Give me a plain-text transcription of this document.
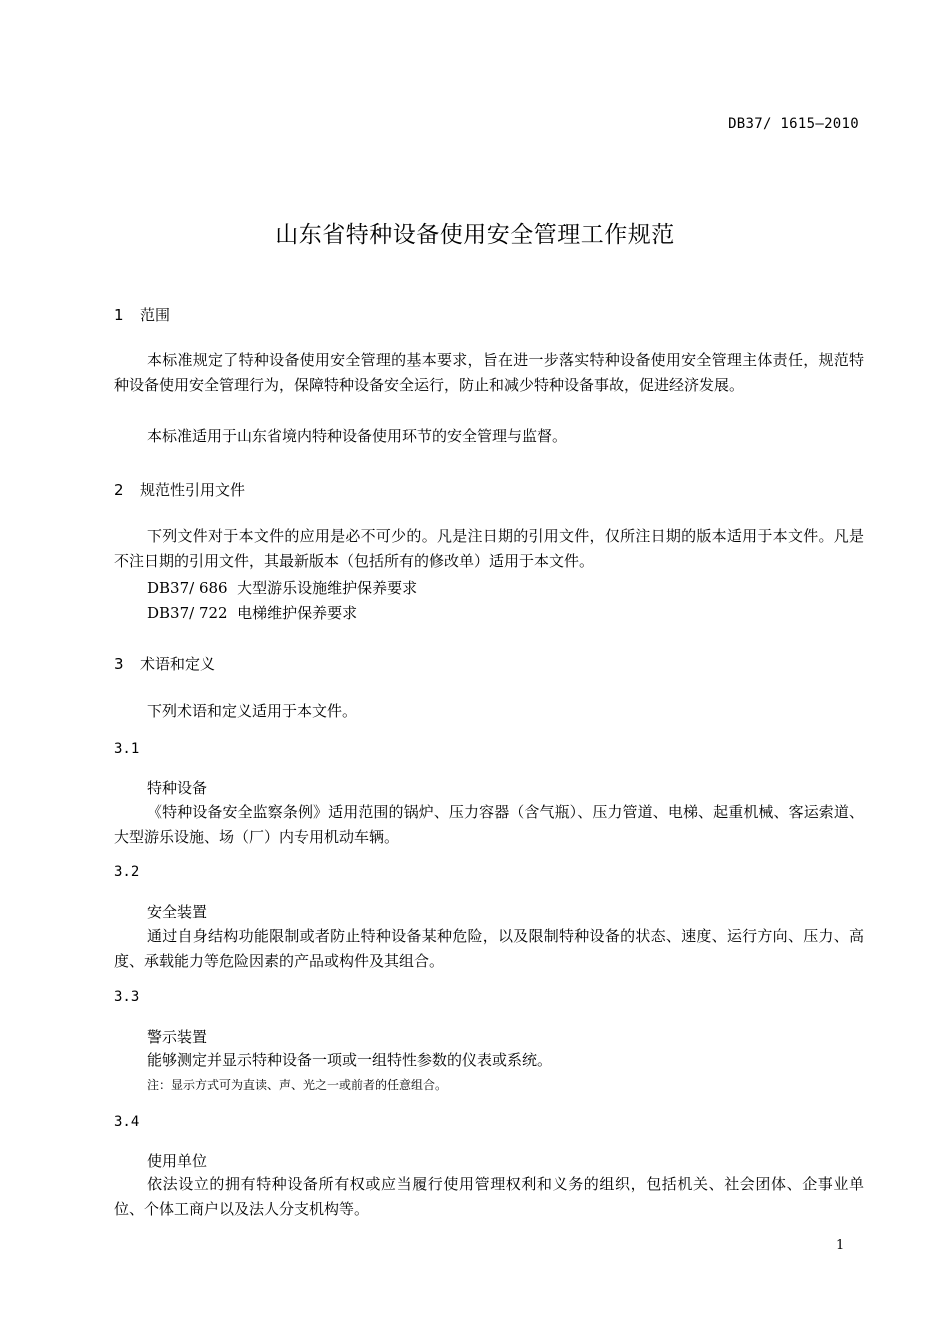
DB37/ 1615—2010
山东省特种设备使用安全管理工作规范
1 范围
本标准规定了特种设备使用安全管理的基本要求，旨在进一步落实特种设备使用安全管理主体责任，规范特种设备使用安全管理行为，保障特种设备安全运行，防止和减少特种设备事故，促进经济发展。
本标准适用于山东省境内特种设备使用环节的安全管理与监督。
2 规范性引用文件
下列文件对于本文件的应用是必不可少的。凡是注日期的引用文件，仅所注日期的版本适用于本文件。凡是不注日期的引用文件，其最新版本（包括所有的修改单）适用于本文件。
DB37/ 686 大型游乐设施维护保养要求
DB37/ 722 电梯维护保养要求
3 术语和定义
下列术语和定义适用于本文件。
3.1
特种设备
《特种设备安全监察条例》适用范围的锅炉、压力容器（含气瓶）、压力管道、电梯、起重机械、客运索道、大型游乐设施、场（厂）内专用机动车辆。
3.2
安全装置
通过自身结构功能限制或者防止特种设备某种危险，以及限制特种设备的状态、速度、运行方向、压力、高度、承载能力等危险因素的产品或构件及其组合。
3.3
警示装置
能够测定并显示特种设备一项或一组特性参数的仪表或系统。
注：显示方式可为直读、声、光之一或前者的任意组合。
3.4
使用单位
依法设立的拥有特种设备所有权或应当履行使用管理权利和义务的组织，包括机关、社会团体、企事业单位、个体工商户以及法人分支机构等。
1
